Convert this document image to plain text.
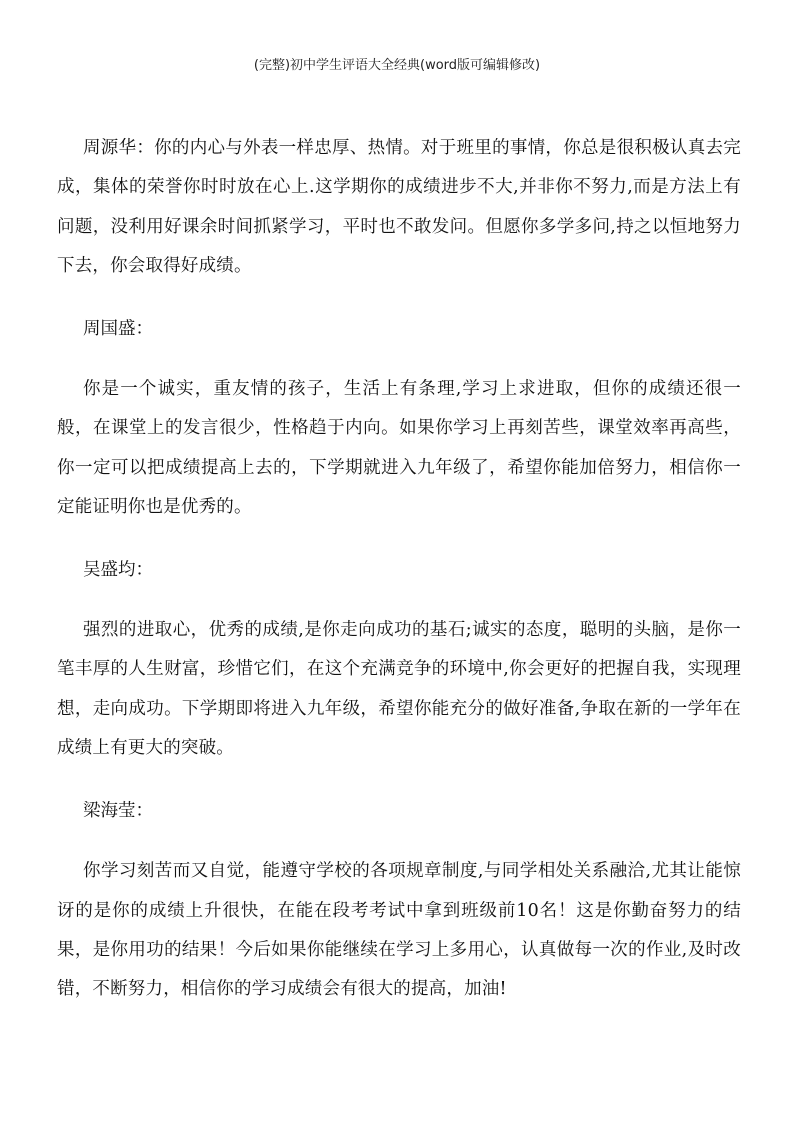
(完整)初中学生评语大全经典(word版可编辑修改)

周源华：你的内心与外表一样忠厚、热情。对于班里的事情，你总是很积极认真去完成，集体的荣誉你时时放在心上.这学期你的成绩进步不大,并非你不努力,而是方法上有问题，没利用好课余时间抓紧学习，平时也不敢发问。但愿你多学多问,持之以恒地努力下去，你会取得好成绩。

周国盛：

你是一个诚实，重友情的孩子，生活上有条理,学习上求进取，但你的成绩还很一般，在课堂上的发言很少，性格趋于内向。如果你学习上再刻苦些，课堂效率再高些，你一定可以把成绩提高上去的，下学期就进入九年级了，希望你能加倍努力，相信你一定能证明你也是优秀的。

吴盛均：

强烈的进取心，优秀的成绩,是你走向成功的基石;诚实的态度，聪明的头脑，是你一笔丰厚的人生财富，珍惜它们，在这个充满竞争的环境中,你会更好的把握自我，实现理想，走向成功。下学期即将进入九年级，希望你能充分的做好准备,争取在新的一学年在成绩上有更大的突破。

梁海莹：

你学习刻苦而又自觉，能遵守学校的各项规章制度,与同学相处关系融洽,尤其让能惊讶的是你的成绩上升很快，在能在段考考试中拿到班级前10名！这是你勤奋努力的结果，是你用功的结果！今后如果你能继续在学习上多用心，认真做每一次的作业,及时改错，不断努力，相信你的学习成绩会有很大的提高，加油!
